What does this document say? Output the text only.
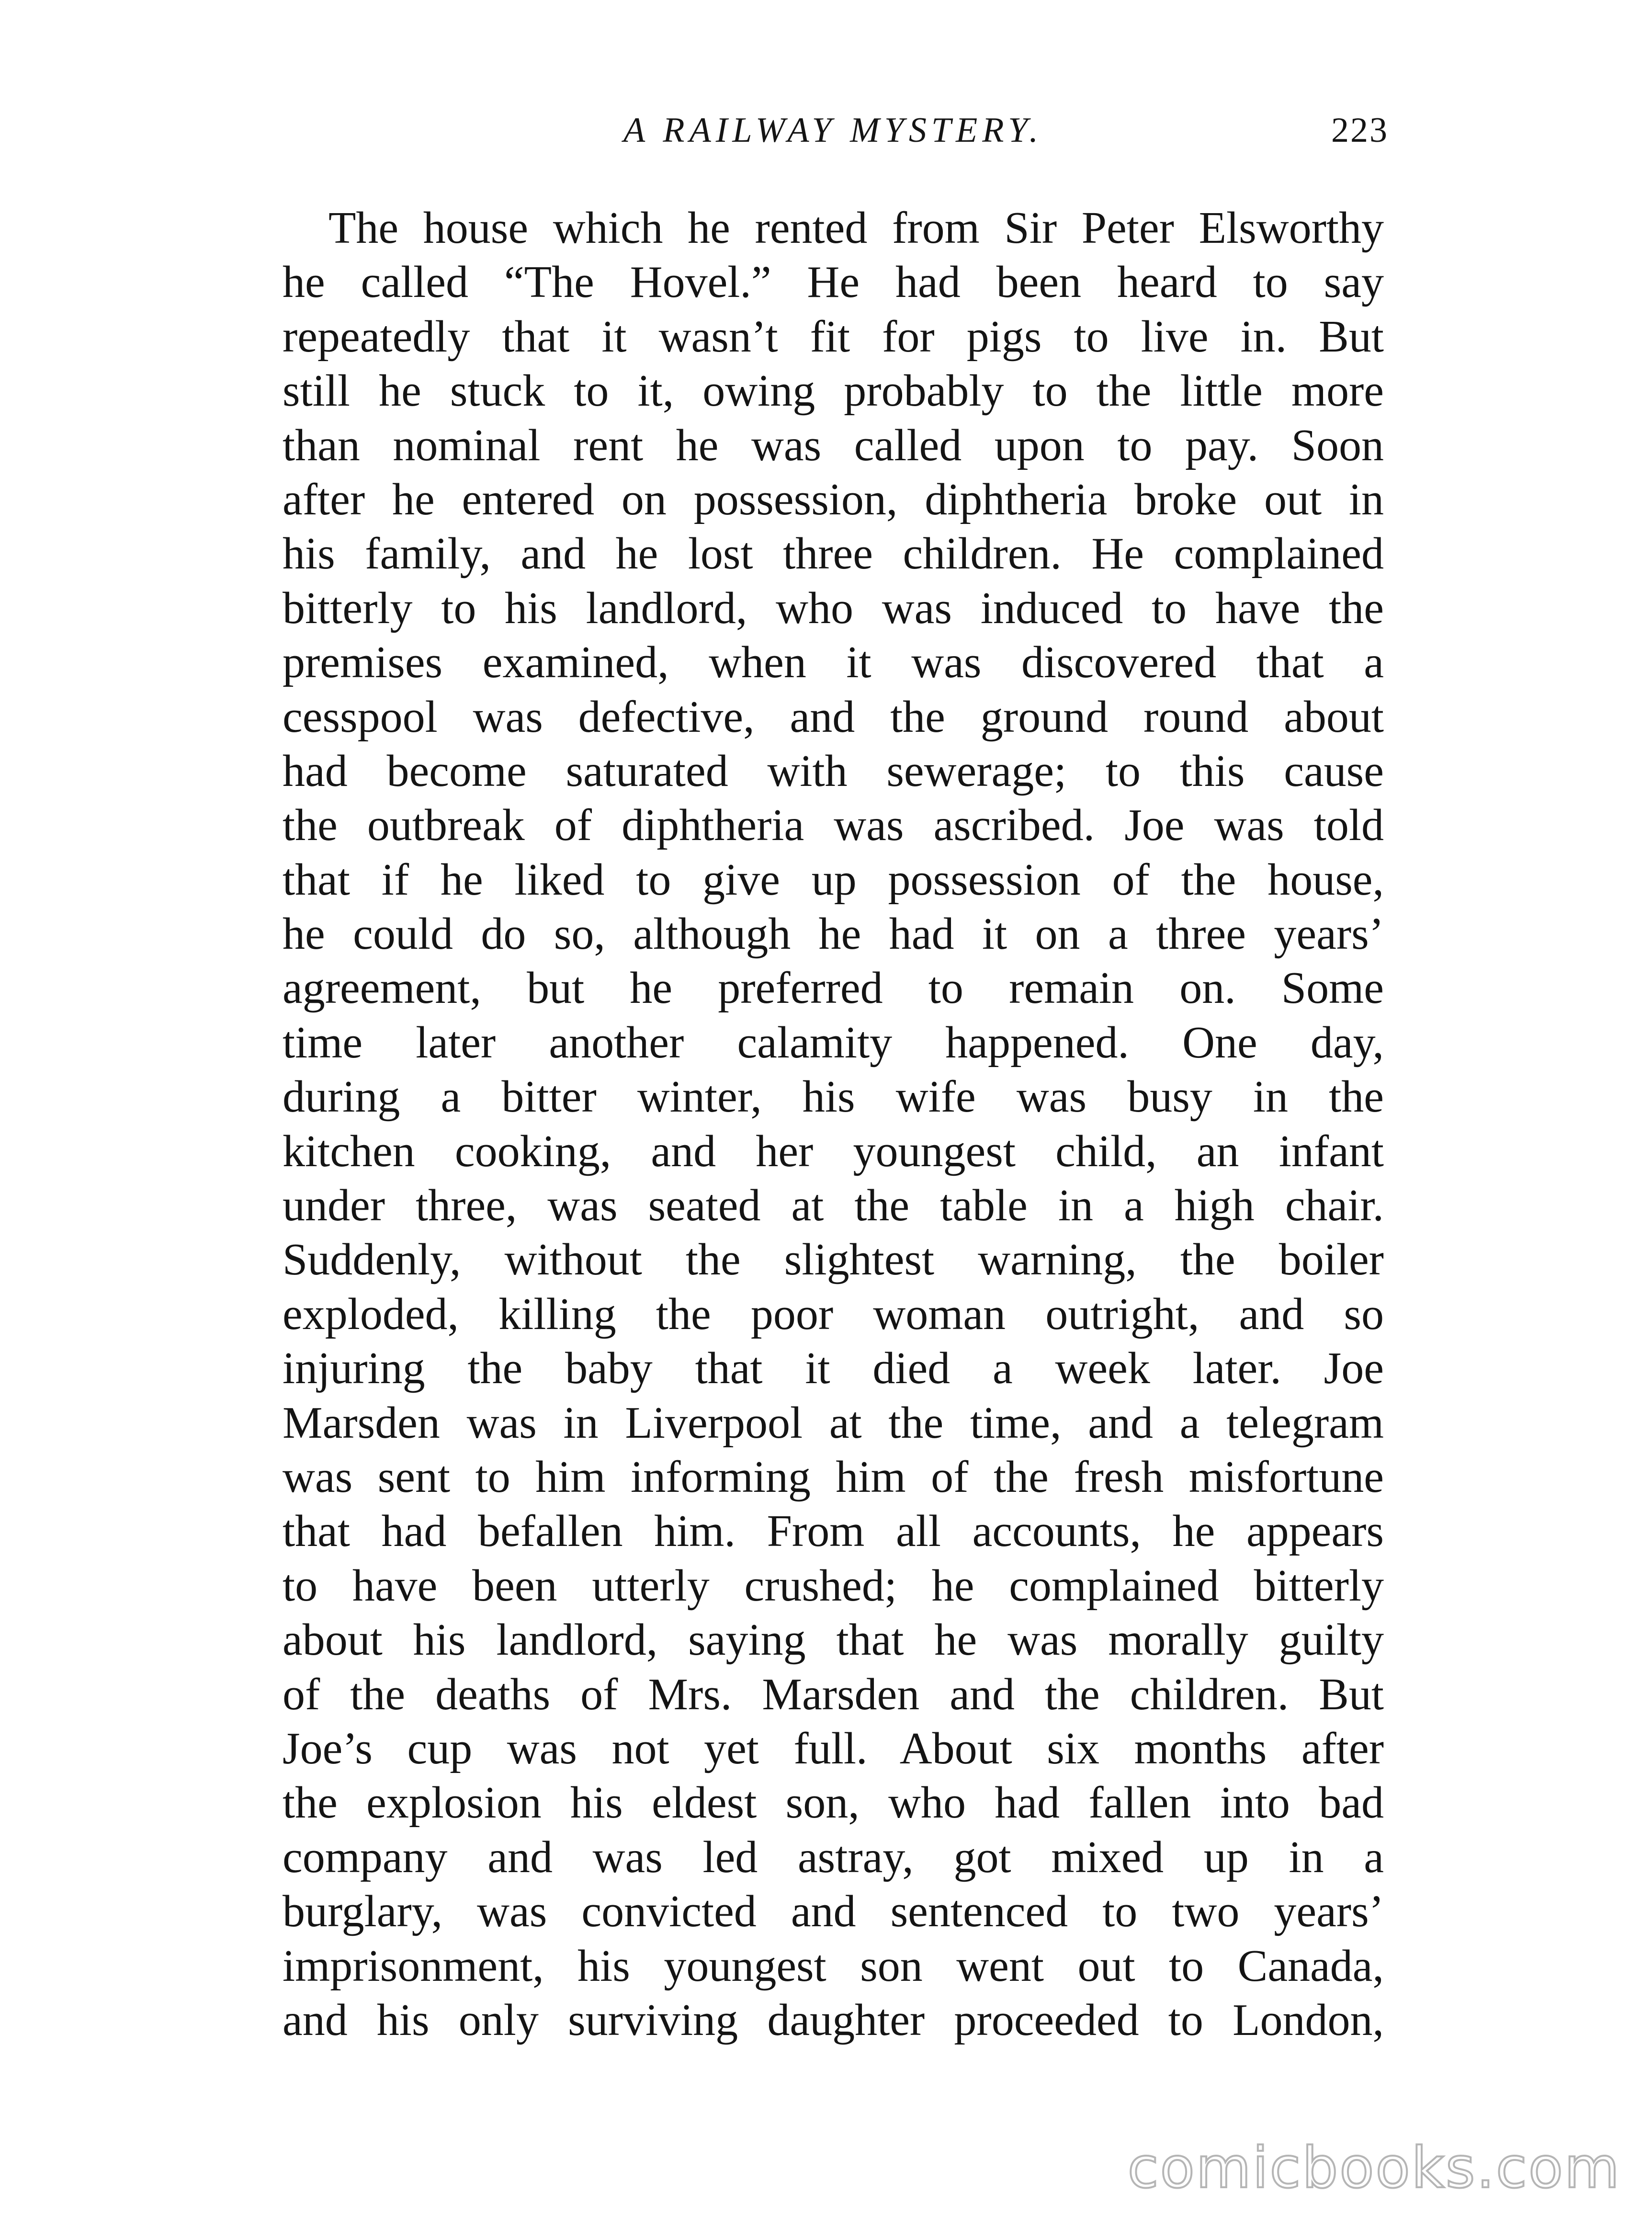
A RAILWAY MYSTERY.	223
The house which he rented from Sir Peter Elsworthy
he called “The Hovel.” He had been heard to say
repeatedly that it wasn’t fit for pigs to live in. But
still he stuck to it, owing probably to the little more
than nominal rent he was called upon to pay. Soon
after he entered on possession, diphtheria broke out in
his family, and he lost three children. He complained
bitterly to his landlord, who was induced to have the
premises examined, when it was discovered that a
cesspool was defective, and the ground round about
had become saturated with sewerage; to this cause
the outbreak of diphtheria was ascribed. Joe was told
that if he liked to give up possession of the house,
he could do so, although he had it on a three years’
agreement, but he preferred to remain on. Some
time later another calamity happened. One day,
during a bitter winter, his wife was busy in the
kitchen cooking, and her youngest child, an infant
under three, was seated at the table in a high chair.
Suddenly, without the slightest warning, the boiler
exploded, killing the poor woman outright, and so
injuring the baby that it died a week later. Joe
Marsden was in Liverpool at the time, and a telegram
was sent to him informing him of the fresh misfortune
that had befallen him. From all accounts, he appears
to have been utterly crushed; he complained bitterly
about his landlord, saying that he was morally guilty
of the deaths of Mrs. Marsden and the children. But
Joe’s cup was not yet full. About six months after
the explosion his eldest son, who had fallen into bad
company and was led astray, got mixed up in a
burglary, was convicted and sentenced to two years’
imprisonment, his youngest son went out to Canada,
and his only surviving daughter proceeded to London,
comicbooks.com
